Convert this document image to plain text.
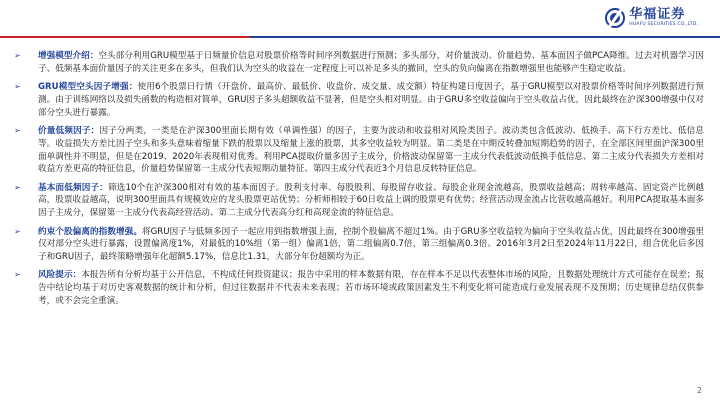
华福证券
HUAFU SECURITIES CO.,LTD.
➢	增强模型介绍：空头部分利用GRU模型基于日频量价信息对股票价格等时间序列数据进行预测；多头部分，对价量波动、价量趋势、基本面因子做PCA降维。过去对机器学习因子、低频基本面价量因子的关注更多在多头，但我们认为空头的收益在一定程度上可以补足多头的撤回，空头的负向偏离在指数增强里也能够产生稳定收益。
➢	GRU模型空头因子增强：使用6个股票日行情（开盘价、最高价、最低价、收盘价、成交量、成交额）特征构建日度因子，基于GRU模型以对股票价格等时间序列数据进行预测。由于训练网络以及损失函数的构造相对简单，GRU因子多头超额收益不显著，但是空头相对明显。由于GRU多空收益偏向于空头收益占优，因此最终在沪深300增强中仅对部分空头进行暴露。
➢	价量低频因子：因子分两类，一类是在沪深300里面长期有效（单调性强）的因子，主要为波动和收益相对风险类因子。波动类包含低波动、低换手、高下行方差比、低信息等。收益损失方差比因子空头和多头意味着缩量下跌的股票以及缩量上涨的股票，其多空收益较为明显。第二类是在中期反转叠加短期趋势的因子，在全部区间里面沪深300里面单调性并不明显，但是在2019、2020年表现相对优秀。利用PCA提取价量多因子主成分，价格波动保留第一主成分代表低波动低换手低信息、第二主成分代表损失方差相对收益方差更高的特征信息，价量趋势保留第一主成分代表短期动量特征、第四主成分代表近3个月信息反转特征信息。
➢	基本面低频因子：筛选10个在沪深300相对有效的基本面因子。股利支付率、每股股利、每股留存收益、每股企业现金流越高，股票收益越高；周转率越高、固定资产比例越高，股票收益越高，说明300里面具有规模效应的龙头股票更站优势；分析师相较于60日收益上调的股票更有优势；经营活动现金流占比营收越高越好。利用PCA提取基本面多因子主成分，保留第一主成分代表高经营活动、第二主成分代表高分红和高现金流的特征信息。
➢	约束个股偏离的指数增强。将GRU因子与低频多因子一起应用到指数增强上面，控制个股偏离不超过1%。由于GRU多空收益较为偏向于空头收益占优，因此最终在300增强里仅对部分空头进行暴露，设置偏离度1%，对最低的10%组（第一组）偏离1倍，第二组偏离0.7倍，第三组偏离0.3倍。2016年3月2日至2024年11月22日，组合优化后多因子和GRU因子，最终策略增强年化超额5.17%，信息比1.31，大部分年份超额均为正。
➢	风险提示：本报告所有分析均基于公开信息，不构成任何投资建议；报告中采用的样本数据有限，存在样本不足以代表整体市场的风险，且数据处理统计方式可能存在误差；报告中结论均基于对历史客观数据的统计和分析，但过往数据并不代表未来表现；若市场环境或政策因素发生不利变化将可能造成行业发展表现不及预期；历史规律总结仅供参考，或不会完全重演。
2
